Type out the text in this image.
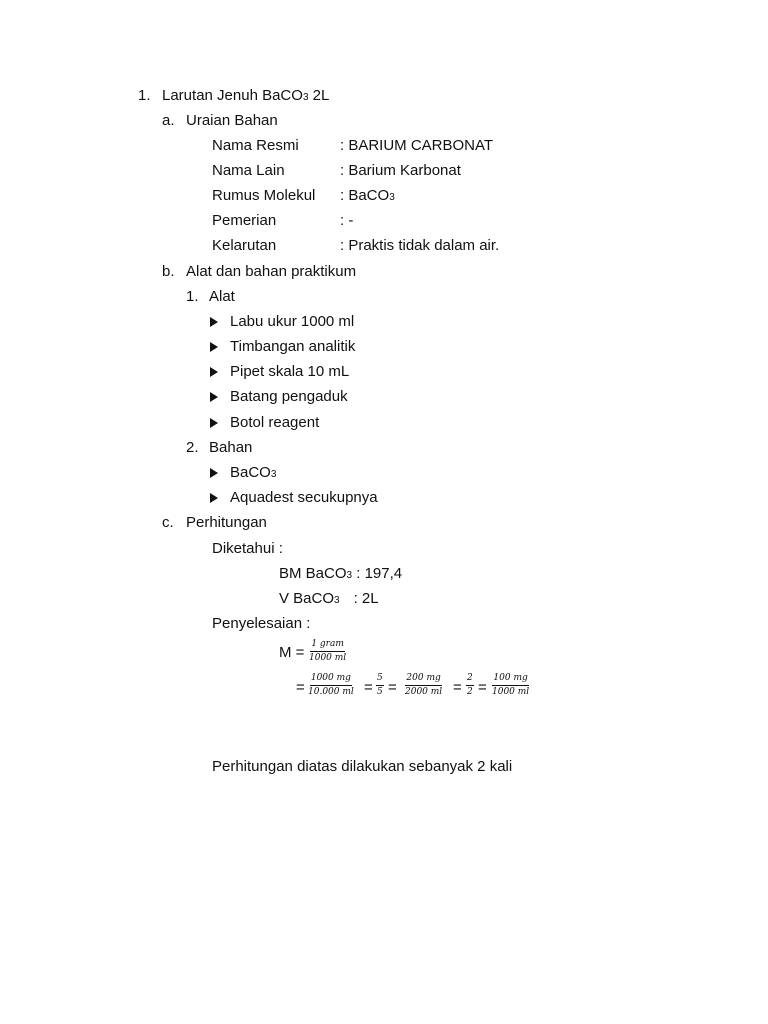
1. Larutan Jenuh BaCO3 2L
a. Uraian Bahan
Nama Resmi	: BARIUM CARBONAT
Nama Lain	: Barium Karbonat
Rumus Molekul : BaCO3
Pemerian	: -
Kelarutan	: Praktis tidak dalam air.
b. Alat dan bahan praktikum
1. Alat
Labu ukur 1000 ml
Timbangan analitik
Pipet skala 10 mL
Batang pengaduk
Botol reagent
2. Bahan
BaCO3
Aquadest secukupnya
c. Perhitungan
Diketahui :
BM BaCO3 : 197,4
V BaCO3 : 2L
Penyelesaian :
M = 1 gram
1000 ml
= $\frac{1000 mg}{10.000 ml} = \frac{5}{5} = \frac{200 mg}{2000 ml} = \frac{2}{2} = \frac{100 mg}{1000 ml}$
Perhitungan diatas dilakukan sebanyak 2 kali
